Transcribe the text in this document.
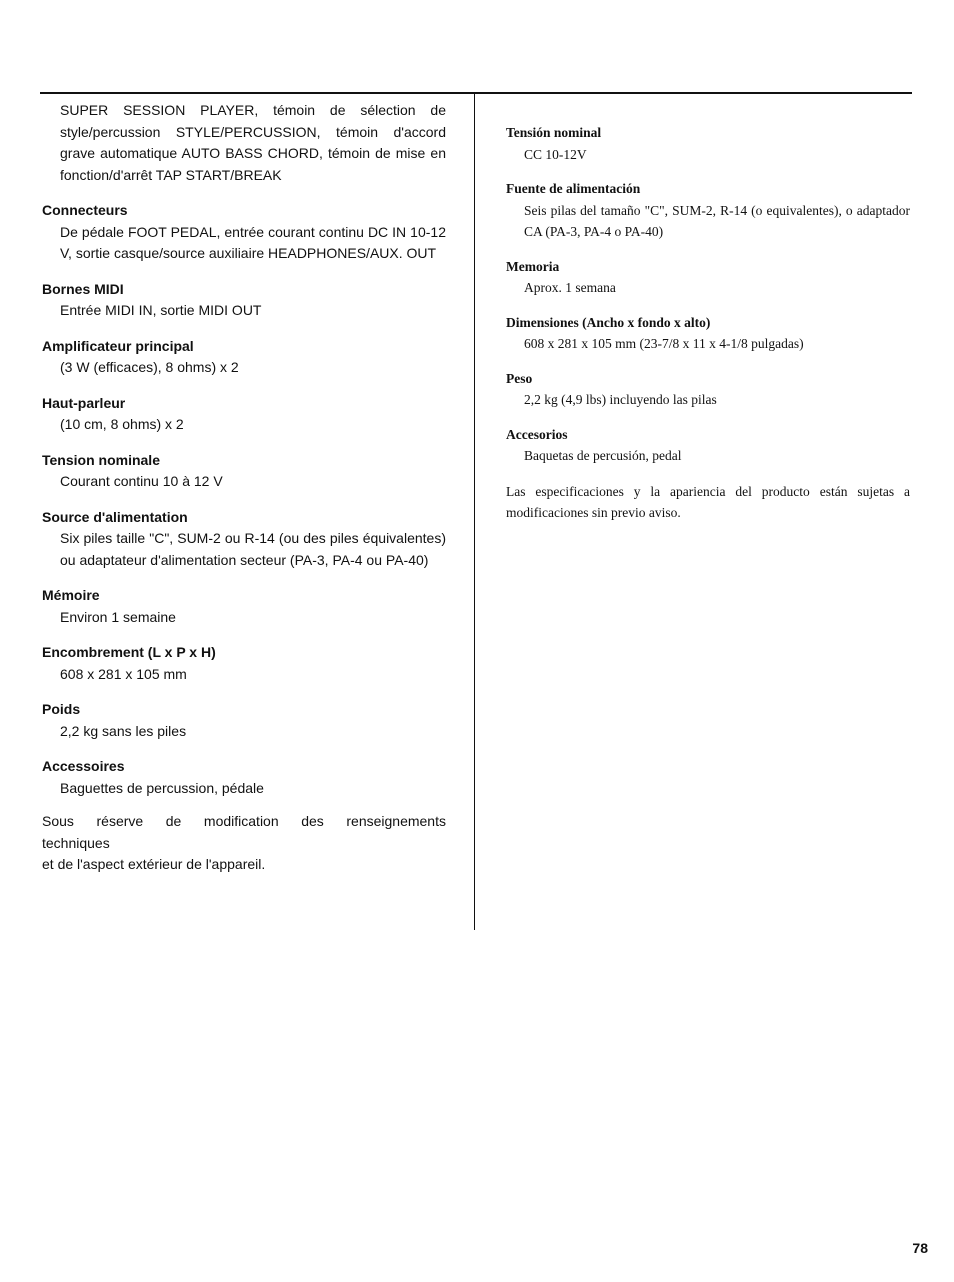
SUPER SESSION PLAYER, témoin de sélection de style/percussion STYLE/PERCUSSION, témoin d'accord grave automatique AUTO BASS CHORD, témoin de mise en fonction/d'arrêt TAP START/BREAK

Connecteurs
De pédale FOOT PEDAL, entrée courant continu DC IN 10-12 V, sortie casque/source auxiliaire HEADPHONES/AUX. OUT
Bornes MIDI
Entrée MIDI IN, sortie MIDI OUT
Amplificateur principal
(3 W (efficaces), 8 ohms) x 2
Haut-parleur
(10 cm, 8 ohms) x 2
Tension nominale
Courant continu 10 à 12 V
Source d'alimentation
Six piles taille "C", SUM-2 ou R-14 (ou des piles équivalentes) ou adaptateur d'alimentation secteur (PA-3, PA-4 ou PA-40)
Mémoire
Environ 1 semaine
Encombrement (L x P x H)
608 x 281 x 105 mm
Poids
2,2 kg sans les piles
Accessoires
Baguettes de percussion, pédale
Sous réserve de modification des renseignements
techniques
et de l'aspect extérieur de l'appareil.
Tensión nominal
CC 10-12V
Fuente de alimentación
Seis pilas del tamaño "C", SUM-2, R-14 (o equivalentes), o adaptador CA (PA-3, PA-4 o PA-40)
Memoria
Aprox. 1 semana
Dimensiones (Ancho x fondo x alto)
608 x 281 x 105 mm (23-7/8 x 11 x 4-1/8 pulgadas)
Peso
2,2 kg (4,9 lbs) incluyendo las pilas
Accesorios
Baquetas de percusión, pedal
Las especificaciones y la apariencia del producto están sujetas a modificaciones sin previo aviso.
78
